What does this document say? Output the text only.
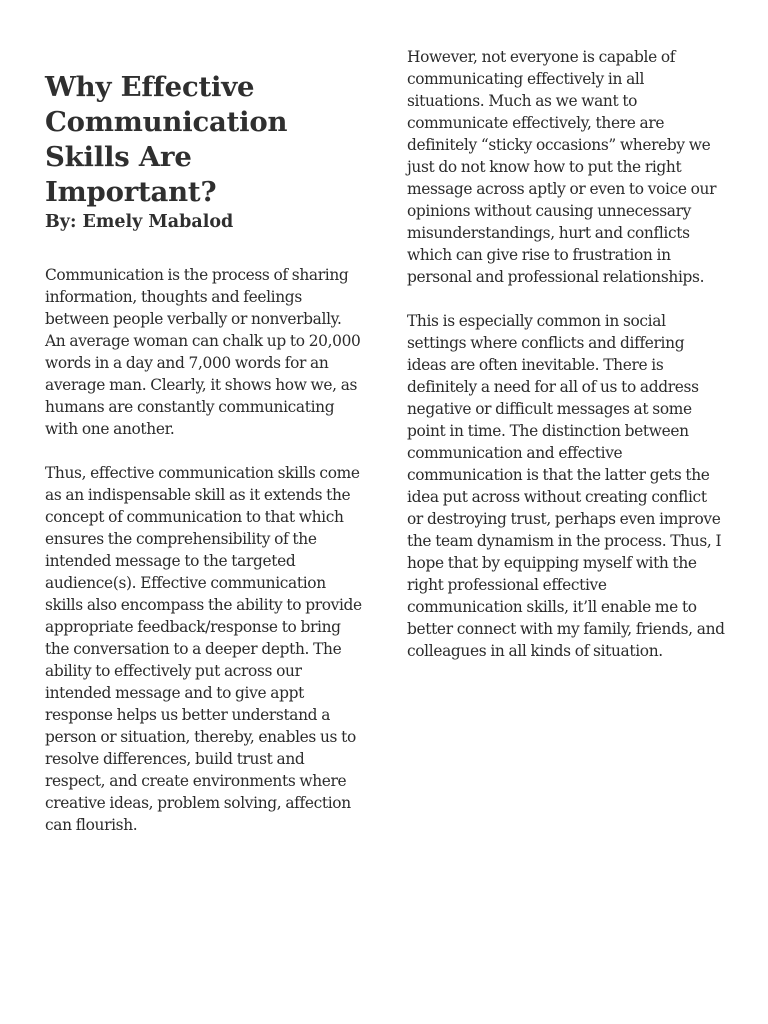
Why Effective Communication Skills Are Important?

By: Emely Mabalod

Communication is the process of sharing information, thoughts and feelings between people verbally or nonverbally. An average woman can chalk up to 20,000 words in a day and 7,000 words for an average man. Clearly, it shows how we, as humans are constantly communicating with one another.

Thus, effective communication skills come as an indispensable skill as it extends the concept of communication to that which ensures the comprehensibility of the intended message to the targeted audience(s). Effective communication skills also encompass the ability to provide appropriate feedback/response to bring the conversation to a deeper depth. The ability to effectively put across our intended message and to give appt response helps us better understand a person or situation, thereby, enables us to resolve differences, build trust and respect, and create environments where creative ideas, problem solving, affection can flourish.

However, not everyone is capable of communicating effectively in all situations. Much as we want to communicate effectively, there are definitely “sticky occasions” whereby we just do not know how to put the right message across aptly or even to voice our opinions without causing unnecessary misunderstandings, hurt and conflicts which can give rise to frustration in personal and professional relationships.

This is especially common in social settings where conflicts and differing ideas are often inevitable. There is definitely a need for all of us to address negative or difficult messages at some point in time. The distinction between communication and effective communication is that the latter gets the idea put across without creating conflict or destroying trust, perhaps even improve the team dynamism in the process. Thus, I hope that by equipping myself with the right professional effective communication skills, it’ll enable me to better connect with my family, friends, and colleagues in all kinds of situation.
